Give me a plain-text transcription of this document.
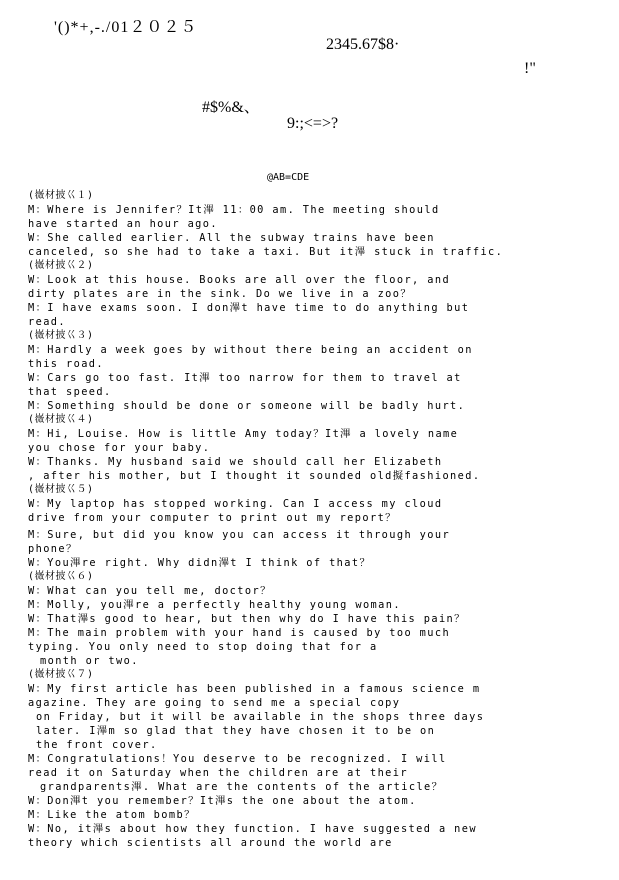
'()*+,-./01２０２５
2345.67$8·
!"
#$%&、
9:;<=>?
@AB=CDE
(嶶材披巜１)
M：Where is Jennifer？It滭 11：00 am. The meeting should
have started an hour ago.
W：She called earlier. All the subway trains have been
canceled, so she had to take a taxi. But it滭 stuck in traffic.
(嶶材披巜２)
W：Look at this house. Books are all over the floor, and
dirty plates are in the sink. Do we live in a zoo？
M：I have exams soon. I don滭t have time to do anything but
read.
(嶶材披巜３)
M：Hardly a week goes by without there being an accident on
this road.
W：Cars go too fast. It滭 too narrow for them to travel at
that speed.
M：Something should be done or someone will be badly hurt.
(嶶材披巜４)
M：Hi, Louise. How is little Amy today？It滭 a lovely name
you chose for your baby.
W：Thanks. My husband said we should call her Elizabeth
, after his mother, but I thought it sounded old擬fashioned.
(嶶材披巜５)
W：My laptop has stopped working. Can I access my cloud
drive from your computer to print out my report？
M：Sure, but did you know you can access it through your
phone？
W：You滭re right. Why didn滭t I think of that？
(嶶材披巜６)
W：What can you tell me, doctor？
M：Molly, you滭re a perfectly healthy young woman.
W：That滭s good to hear, but then why do I have this pain？
M：The main problem with your hand is caused by too much
typing. You only need to stop doing that for a
month or two.
(嶶材披巜７)
W：My first article has been published in a famous science m
agazine. They are going to send me a special copy
on Friday, but it will be available in the shops three days
later. I滭m so glad that they have chosen it to be on
the front cover.
M：Congratulations！You deserve to be recognized. I will
read it on Saturday when the children are at their
grandparents滭. What are the contents of the article？
W：Don滭t you remember？It滭s the one about the atom.
M：Like the atom bomb？
W：No, it滭s about how they function. I have suggested a new
theory which scientists all around the world are
